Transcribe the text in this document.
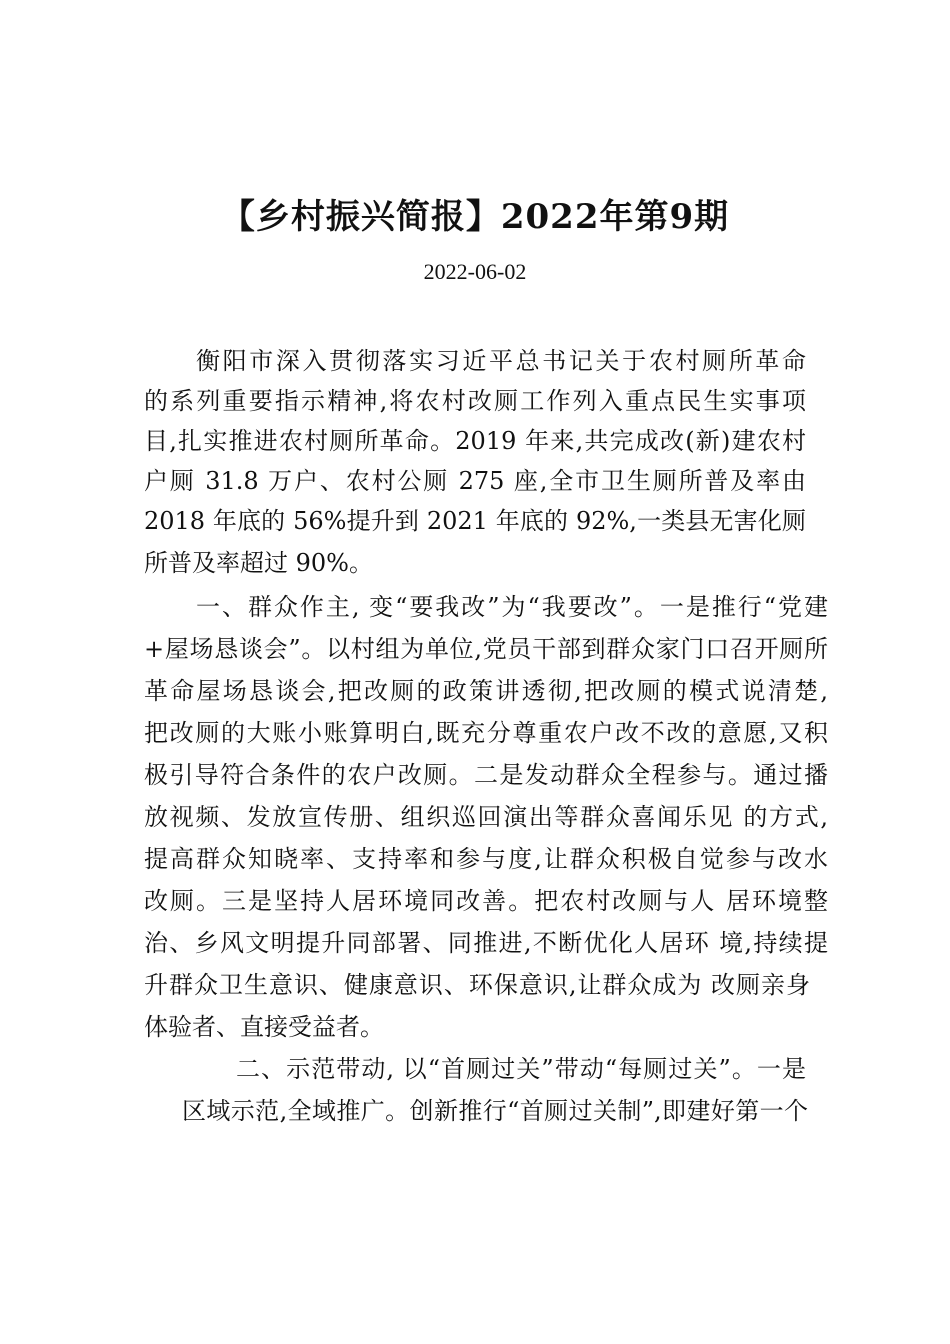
【乡村振兴简报】2022年第9期
2022-06-02
衡阳市深入贯彻落实习近平总书记关于农村厕所革命
的系列重要指示精神,将农村改厕工作列入重点民生实事项
目,扎实推进农村厕所革命。2019 年来,共完成改(新)建农村
户厕 31.8 万户、农村公厕 275 座,全市卫生厕所普及率由
2018 年底的 56%提升到 2021 年底的 92%,一类县无害化厕
所普及率超过 90%。
一、群众作主, 变“要我改”为“我要改”。一是推行“党建
+屋场恳谈会”。以村组为单位,党员干部到群众家门口召开厕所
革命屋场恳谈会,把改厕的政策讲透彻,把改厕的模式说清楚,
把改厕的大账小账算明白,既充分尊重农户改不改的意愿,又积
极引导符合条件的农户改厕。二是发动群众全程参与。通过播
放视频、发放宣传册、组织巡回演出等群众喜闻乐见 的方式,
提高群众知晓率、支持率和参与度,让群众积极自觉参与改水
改厕。三是坚持人居环境同改善。把农村改厕与人 居环境整
治、乡风文明提升同部署、同推进,不断优化人居环 境,持续提
升群众卫生意识、健康意识、环保意识,让群众成为 改厕亲身
体验者、直接受益者。
二、示范带动, 以“首厕过关”带动“每厕过关”。一是
区域示范,全域推广。创新推行“首厕过关制”,即建好第一个
